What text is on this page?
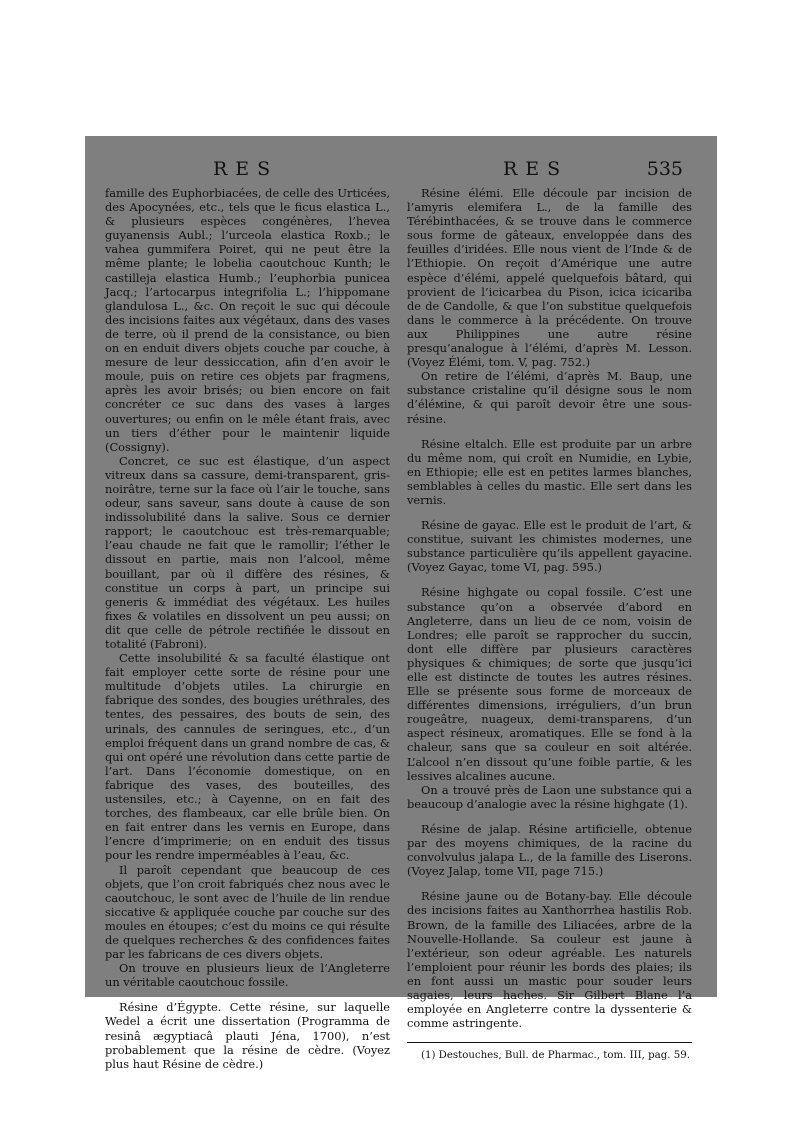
RES	RES	535

famille des Euphorbiacées, de celle des Urticées, des Apocynées, etc., tels que le ficus elastica L., & plusieurs espèces congénères, l’hevea guyanensis Aubl.; l’urceola elastica Roxb.; le vahea gummifera Poiret, qui ne peut être la même plante; le lobelia caoutchouc Kunth; le castilleja elastica Humb.; l’euphorbia punicea Jacq.; l’artocarpus integrifolia L.; l’hippomane glandulosa L., &c. On reçoit le suc qui découle des incisions faites aux végétaux, dans des vases de terre, où il prend de la consistance, ou bien on en enduit divers objets couche par couche, à mesure de leur dessiccation, afin d’en avoir le moule, puis on retire ces objets par fragmens, après les avoir brisés; ou bien encore on fait concréter ce suc dans des vases à larges ouvertures; ou enfin on le mêle étant frais, avec un tiers d’éther pour le maintenir liquide (Cossigny).

Concret, ce suc est élastique, d’un aspect vitreux dans sa cassure, demi-transparent, gris-noirâtre, terne sur la face où l’air le touche, sans odeur, sans saveur, sans doute à cause de son indissolubilité dans la salive. Sous ce dernier rapport; le caoutchouc est très-remarquable; l’eau chaude ne fait que le ramollir; l’éther le dissout en partie, mais non l’alcool, même bouillant, par où il diffère des résines, & constitue un corps à part, un principe sui generis & immédiat des végétaux. Les huiles fixes & volatiles en dissolvent un peu aussi; on dit que celle de pétrole rectifiée le dissout en totalité (Fabroni).

Cette insolubilité & sa faculté élastique ont fait employer cette sorte de résine pour une multitude d’objets utiles. La chirurgie en fabrique des sondes, des bougies uréthrales, des tentes, des pessaires, des bouts de sein, des urinals, des cannules de seringues, etc., d’un emploi fréquent dans un grand nombre de cas, & qui ont opéré une révolution dans cette partie de l’art. Dans l’économie domestique, on en fabrique des vases, des bouteilles, des ustensiles, etc.; à Cayenne, on en fait des torches, des flambeaux, car elle brûle bien. On en fait entrer dans les vernis en Europe, dans l’encre d’imprimerie; on en enduit des tissus pour les rendre imperméables à l’eau, &c.

Il paroît cependant que beaucoup de ces objets, que l’on croit fabriqués chez nous avec le caoutchouc, le sont avec de l’huile de lin rendue siccative & appliquée couche par couche sur des moules en étoupes; c’est du moins ce qui résulte de quelques recherches & des confidences faites par les fabricans de ces divers objets.

On trouve en plusieurs lieux de l’Angleterre un véritable caoutchouc fossile.

Résine d’Égypte. Cette résine, sur laquelle Wedel a écrit une dissertation (Programma de resinâ ægyptiacâ plauti Jéna, 1700), n’est probablement que la résine de cèdre. (Voyez plus haut Résine de cèdre.)

Résine élémi. Elle découle par incision de l’amyris elemifera L., de la famille des Térébinthacées, & se trouve dans le commerce sous forme de gâteaux, enveloppée dans des feuilles d’iridées. Elle nous vient de l’Inde & de l’Ethiopie. On reçoit d’Amérique une autre espèce d’élémi, appelé quelquefois bâtard, qui provient de l’icicarbea du Pison, icica icicariba de de Candolle, & que l’on substitue quelquefois dans le commerce à la précédente. On trouve aux Philippines une autre résine presqu’analogue à l’élémi, d’après M. Lesson. (Voyez Élémi, tom. V, pag. 752.)

On retire de l’élémi, d’après M. Baup, une substance cristaline qu’il désigne sous le nom d’éléмine, & qui paroît devoir être une sous-résine.

Résine eltalch. Elle est produite par un arbre du même nom, qui croît en Numidie, en Lybie, en Ethiopie; elle est en petites larmes blanches, semblables à celles du mastic. Elle sert dans les vernis.

Résine de gayac. Elle est le produit de l’art, & constitue, suivant les chimistes modernes, une substance particulière qu’ils appellent gayacine. (Voyez Gayac, tome VI, pag. 595.)

Résine highgate ou copal fossile. C’est une substance qu’on a observée d’abord en Angleterre, dans un lieu de ce nom, voisin de Londres; elle paroît se rapprocher du succin, dont elle diffère par plusieurs caractères physiques & chimiques; de sorte que jusqu’ici elle est distincte de toutes les autres résines. Elle se présente sous forme de morceaux de différentes dimensions, irréguliers, d’un brun rougeâtre, nuageux, demi-transparens, d’un aspect résineux, aromatiques. Elle se fond à la chaleur, sans que sa couleur en soit altérée. L’alcool n’en dissout qu’une foible partie, & les lessives alcalines aucune.

On a trouvé près de Laon une substance qui a beaucoup d’analogie avec la résine highgate (1).

Résine de jalap. Résine artificielle, obtenue par des moyens chimiques, de la racine du convolvulus jalapa L., de la famille des Liserons. (Voyez Jalap, tome VII, page 715.)

Résine jaune ou de Botany-bay. Elle découle des incisions faites au Xanthorrhea hastilis Rob. Brown, de la famille des Liliacées, arbre de la Nouvelle-Hollande. Sa couleur est jaune à l’extérieur, son odeur agréable. Les naturels l’emploient pour réunir les bords des plaies; ils en font aussi un mastic pour souder leurs sagaies, leurs haches. Sir Gilbert Blane l’a employée en Angleterre contre la dyssenterie & comme astringente.

(1) Destouches, Bull. de Pharmac., tom. III, pag. 59.
